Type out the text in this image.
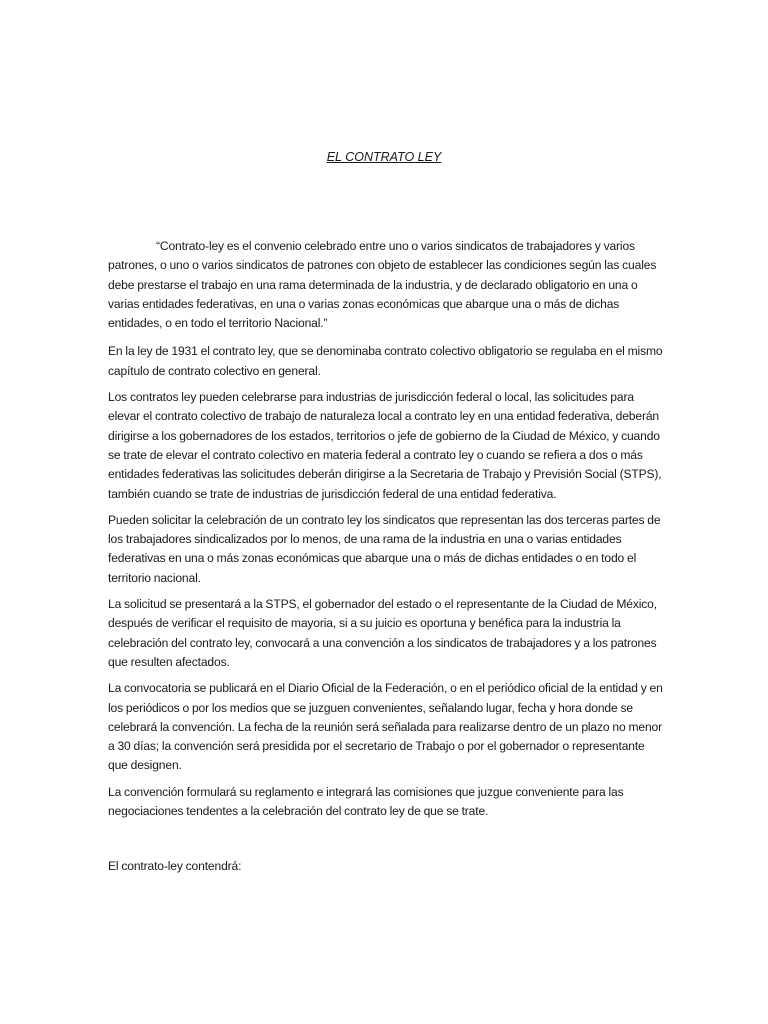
EL CONTRATO LEY

“Contrato-ley es el convenio celebrado entre uno o varios sindicatos de trabajadores y varios patrones, o uno o varios sindicatos de patrones con objeto de establecer las condiciones según las cuales debe prestarse el trabajo en una rama determinada de la industria, y de declarado obligatorio en una o varias entidades federativas, en una o varias zonas económicas que abarque una o más de dichas entidades, o en todo el territorio Nacional.”

En la ley de 1931 el contrato ley, que se denominaba contrato colectivo obligatorio se regulaba en el mismo capítulo de contrato colectivo en general.

Los contratos ley pueden celebrarse para industrias de jurisdicción federal o local, las solicitudes para elevar el contrato colectivo de trabajo de naturaleza local a contrato ley en una entidad federativa, deberán dirigirse a los gobernadores de los estados, territorios o jefe de gobierno de la Ciudad de México, y cuando se trate de elevar el contrato colectivo en materia federal a contrato ley o cuando se refiera a dos o más entidades federativas las solicitudes deberán dirigirse a la Secretaria de Trabajo y Previsión Social (STPS), también cuando se trate de industrias de jurisdicción federal de una entidad federativa.

Pueden solicitar la celebración de un contrato ley los sindicatos que representan las dos terceras partes de los trabajadores sindicalizados por lo menos, de una rama de la industria en una o varias entidades federativas en una o más zonas económicas que abarque una o más de dichas entidades o en todo el territorio nacional.

La solicitud se presentará a la STPS, el gobernador del estado o el representante de la Ciudad de México, después de verificar el requisito de mayoria, si a su juicio es oportuna y benéfica para la industria la celebración del contrato ley, convocará a una convención a los sindicatos de trabajadores y a los patrones que resulten afectados.

La convocatoria se publicará en el Diario Oficial de la Federación, o en el periódico oficial de la entidad y en los periódicos o por los medios que se juzguen convenientes, señalando lugar, fecha y hora donde se celebrará la convención. La fecha de la reunión será señalada para realizarse dentro de un plazo no menor a 30 días; la convención será presidida por el secretario de Trabajo o por el gobernador o representante que designen.

La convención formulará su reglamento e integrará las comisiones que juzgue conveniente para las negociaciones tendentes a la celebración del contrato ley de que se trate.

El contrato-ley contendrá:
